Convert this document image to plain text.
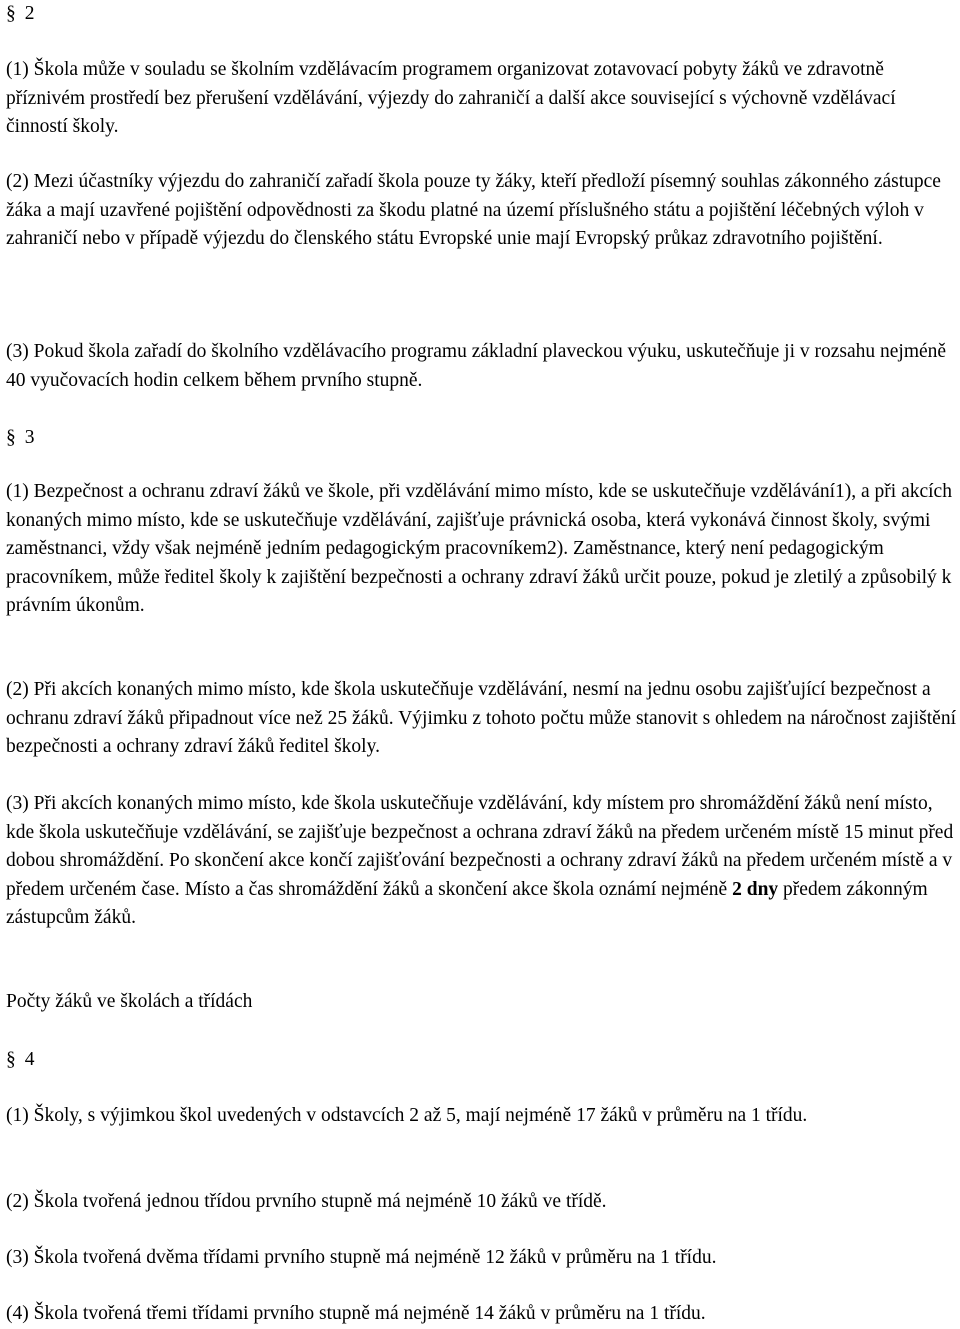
§ 2

(1) Škola může v souladu se školním vzdělávacím programem organizovat zotavovací pobyty žáků ve zdravotně příznivém prostředí bez přerušení vzdělávání, výjezdy do zahraničí a další akce související s výchovně vzdělávací činností školy.

(2) Mezi účastníky výjezdu do zahraničí zařadí škola pouze ty žáky, kteří předloží písemný souhlas zákonného zástupce žáka a mají uzavřené pojištění odpovědnosti za škodu platné na území příslušného státu a pojištění léčebných výloh v zahraničí nebo v případě výjezdu do členského státu Evropské unie mají Evropský průkaz zdravotního pojištění.

(3) Pokud škola zařadí do školního vzdělávacího programu základní plaveckou výuku, uskutečňuje ji v rozsahu nejméně 40 vyučovacích hodin celkem během prvního stupně.

§ 3

(1) Bezpečnost a ochranu zdraví žáků ve škole, při vzdělávání mimo místo, kde se uskutečňuje vzdělávání1), a při akcích konaných mimo místo, kde se uskutečňuje vzdělávání, zajišťuje právnická osoba, která vykonává činnost školy, svými zaměstnanci, vždy však nejméně jedním pedagogickým pracovníkem2). Zaměstnance, který není pedagogickým pracovníkem, může ředitel školy k zajištění bezpečnosti a ochrany zdraví žáků určit pouze, pokud je zletilý a způsobilý k právním úkonům.

(2) Při akcích konaných mimo místo, kde škola uskutečňuje vzdělávání, nesmí na jednu osobu zajišťující bezpečnost a ochranu zdraví žáků připadnout více než 25 žáků. Výjimku z tohoto počtu může stanovit s ohledem na náročnost zajištění bezpečnosti a ochrany zdraví žáků ředitel školy.

(3) Při akcích konaných mimo místo, kde škola uskutečňuje vzdělávání, kdy místem pro shromáždění žáků není místo, kde škola uskutečňuje vzdělávání, se zajišťuje bezpečnost a ochrana zdraví žáků na předem určeném místě 15 minut před dobou shromáždění. Po skončení akce končí zajišťování bezpečnosti a ochrany zdraví žáků na předem určeném místě a v předem určeném čase. Místo a čas shromáždění žáků a skončení akce škola oznámí nejméně 2 dny předem zákonným zástupcům žáků.

Počty žáků ve školách a třídách
§ 4

(1) Školy, s výjimkou škol uvedených v odstavcích 2 až 5, mají nejméně 17 žáků v průměru na 1 třídu.

(2) Škola tvořená jednou třídou prvního stupně má nejméně 10 žáků ve třídě.

(3) Škola tvořená dvěma třídami prvního stupně má nejméně 12 žáků v průměru na 1 třídu.

(4) Škola tvořená třemi třídami prvního stupně má nejméně 14 žáků v průměru na 1 třídu.
